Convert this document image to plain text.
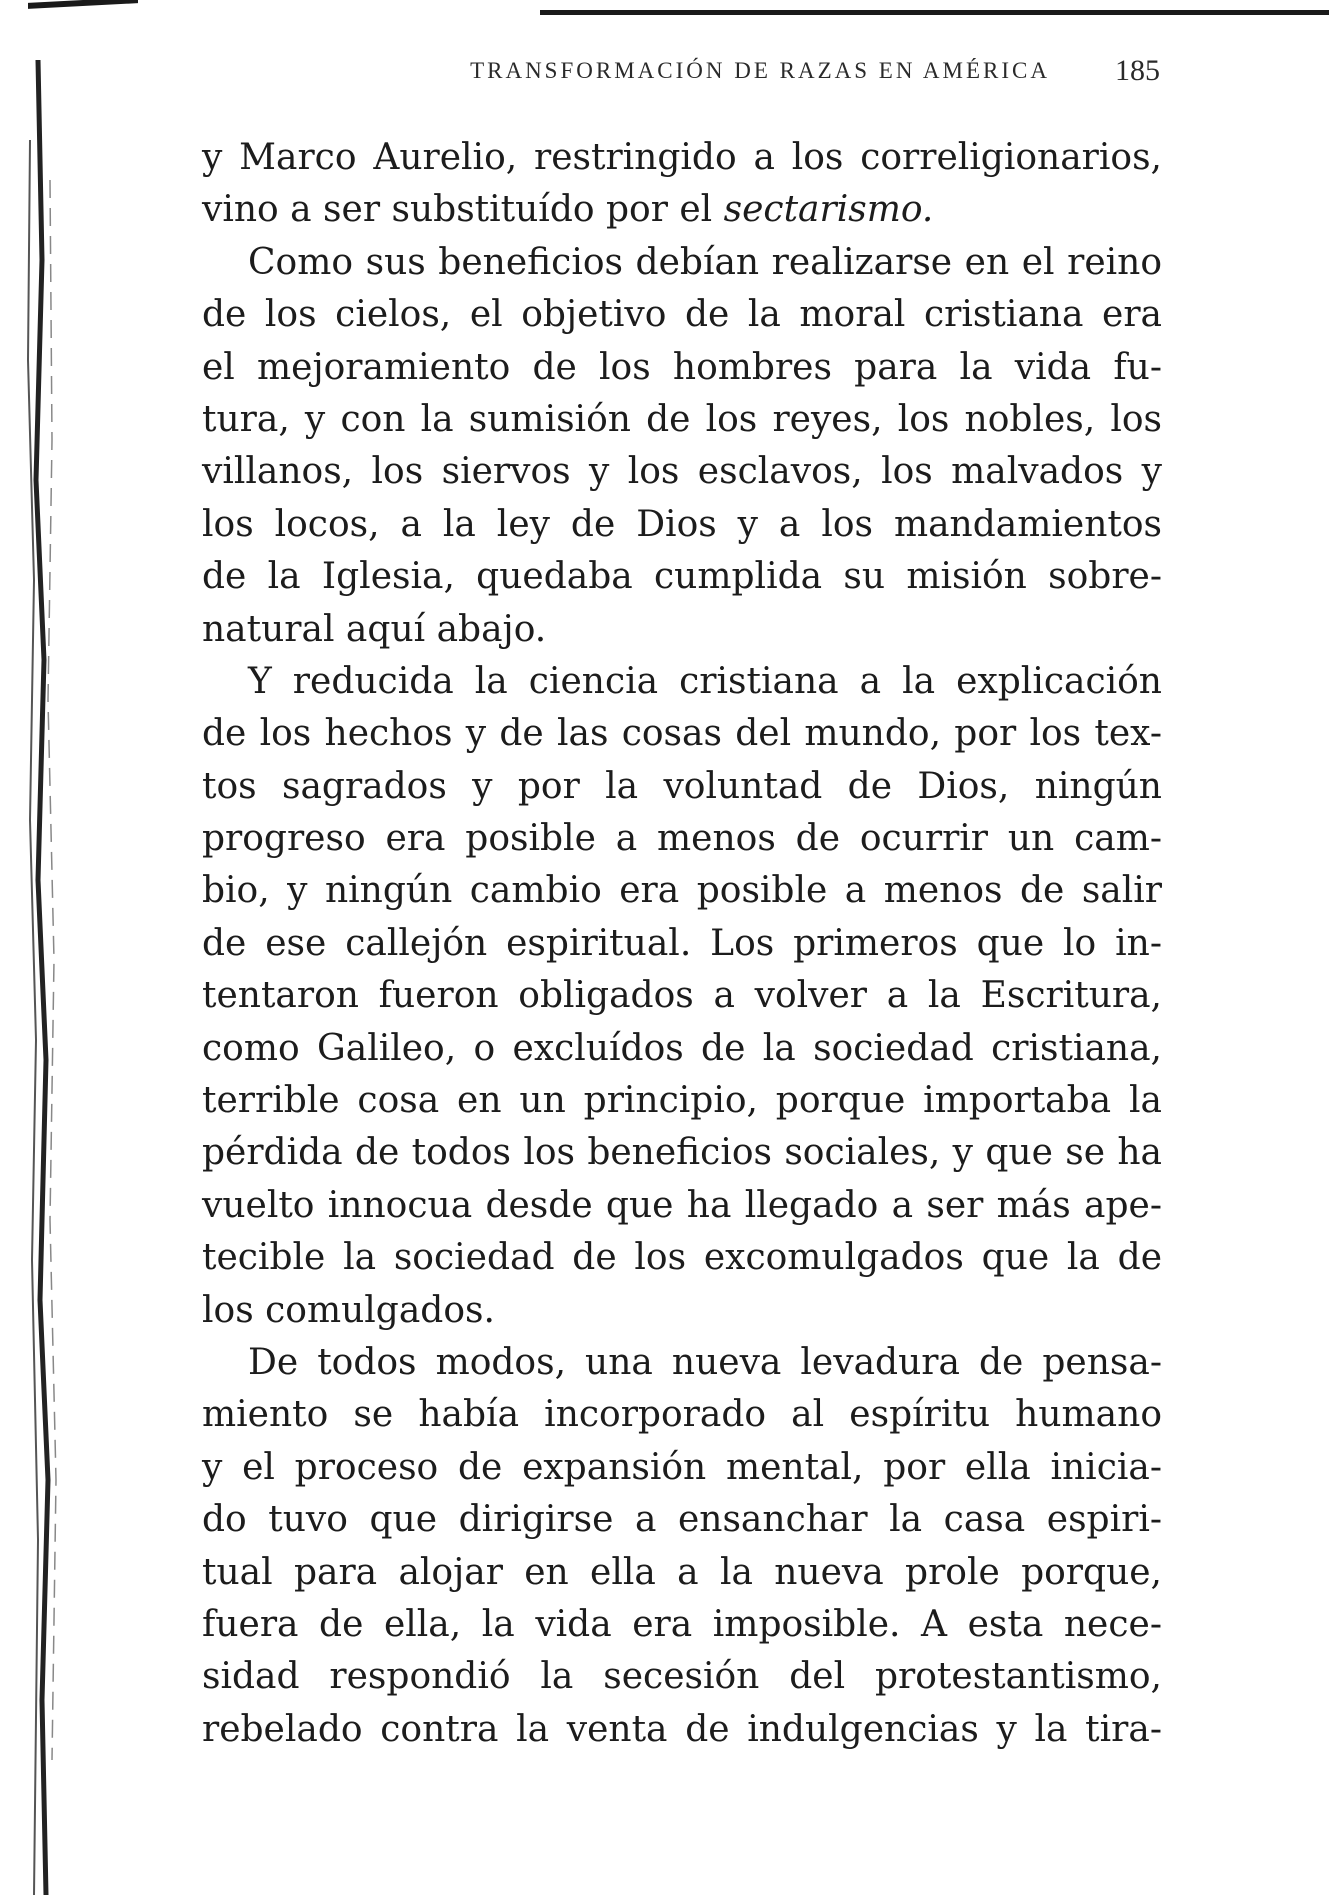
TRANSFORMACIÓN DE RAZAS EN AMÉRICA 185
y Marco Aurelio, restringido a los correligionarios,
vino a ser substituído por el sectarismo.
Como sus beneficios debían realizarse en el reino
de los cielos, el objetivo de la moral cristiana era
el mejoramiento de los hombres para la vida fu-
tura, y con la sumisión de los reyes, los nobles, los
villanos, los siervos y los esclavos, los malvados y
los locos, a la ley de Dios y a los mandamientos
de la Iglesia, quedaba cumplida su misión sobre-
natural aquí abajo.
Y reducida la ciencia cristiana a la explicación
de los hechos y de las cosas del mundo, por los tex-
tos sagrados y por la voluntad de Dios, ningún
progreso era posible a menos de ocurrir un cam-
bio, y ningún cambio era posible a menos de salir
de ese callejón espiritual. Los primeros que lo in-
tentaron fueron obligados a volver a la Escritura,
como Galileo, o excluídos de la sociedad cristiana,
terrible cosa en un principio, porque importaba la
pérdida de todos los beneficios sociales, y que se ha
vuelto innocua desde que ha llegado a ser más ape-
tecible la sociedad de los excomulgados que la de
los comulgados.
De todos modos, una nueva levadura de pensa-
miento se había incorporado al espíritu humano
y el proceso de expansión mental, por ella inicia-
do tuvo que dirigirse a ensanchar la casa espiri-
tual para alojar en ella a la nueva prole porque,
fuera de ella, la vida era imposible. A esta nece-
sidad respondió la secesión del protestantismo,
rebelado contra la venta de indulgencias y la tira-
